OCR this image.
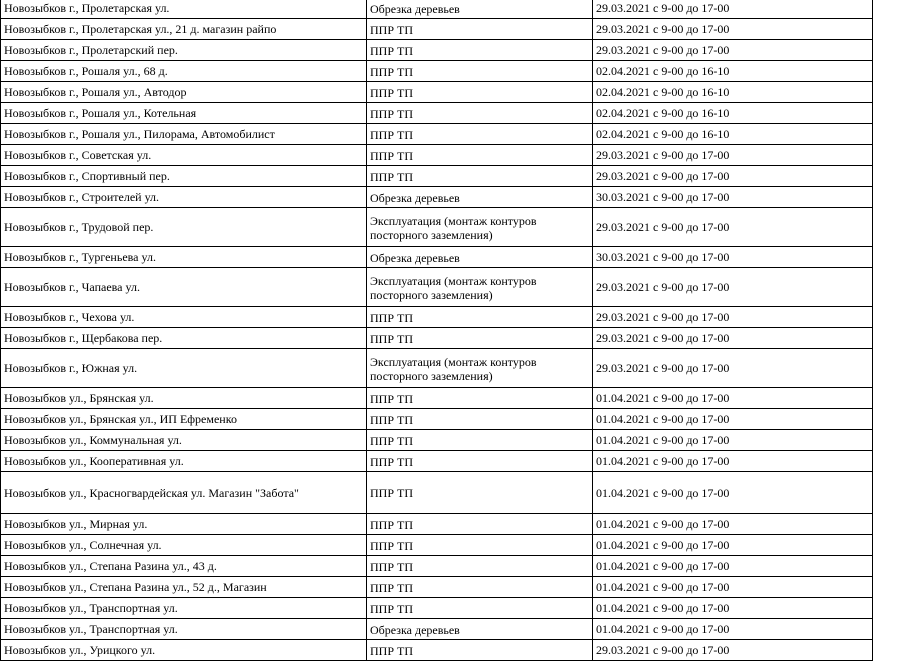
Новозыбков г., Пролетарская ул.	Обрезка деревьев	29.03.2021 с 9-00 до 17-00
Новозыбков г., Пролетарская ул., 21 д. магазин райпо	ППР ТП	29.03.2021 с 9-00 до 17-00
Новозыбков г., Пролетарский пер.	ППР ТП	29.03.2021 с 9-00 до 17-00
Новозыбков г., Рошаля ул., 68 д.	ППР ТП	02.04.2021 с 9-00 до 16-10
Новозыбков г., Рошаля ул., Автодор	ППР ТП	02.04.2021 с 9-00 до 16-10
Новозыбков г., Рошаля ул., Котельная	ППР ТП	02.04.2021 с 9-00 до 16-10
Новозыбков г., Рошаля ул., Пилорама, Автомобилист	ППР ТП	02.04.2021 с 9-00 до 16-10
Новозыбков г., Советская ул.	ППР ТП	29.03.2021 с 9-00 до 17-00
Новозыбков г., Спортивный пер.	ППР ТП	29.03.2021 с 9-00 до 17-00
Новозыбков г., Строителей ул.	Обрезка деревьев	30.03.2021 с 9-00 до 17-00
Новозыбков г., Трудовой пер.	Эксплуатация (монтаж контуров посторного заземления)	29.03.2021 с 9-00 до 17-00
Новозыбков г., Тургеньева ул.	Обрезка деревьев	30.03.2021 с 9-00 до 17-00
Новозыбков г., Чапаева ул.	Эксплуатация (монтаж контуров посторного заземления)	29.03.2021 с 9-00 до 17-00
Новозыбков г., Чехова ул.	ППР ТП	29.03.2021 с 9-00 до 17-00
Новозыбков г., Щербакова пер.	ППР ТП	29.03.2021 с 9-00 до 17-00
Новозыбков г., Южная ул.	Эксплуатация (монтаж контуров посторного заземления)	29.03.2021 с 9-00 до 17-00
Новозыбков ул., Брянская ул.	ППР ТП	01.04.2021 с 9-00 до 17-00
Новозыбков ул., Брянская ул., ИП Ефременко	ППР ТП	01.04.2021 с 9-00 до 17-00
Новозыбков ул., Коммунальная ул.	ППР ТП	01.04.2021 с 9-00 до 17-00
Новозыбков ул., Кооперативная ул.	ППР ТП	01.04.2021 с 9-00 до 17-00
Новозыбков ул., Красногвардейская ул. Магазин "Забота"	ППР ТП	01.04.2021 с 9-00 до 17-00
Новозыбков ул., Мирная ул.	ППР ТП	01.04.2021 с 9-00 до 17-00
Новозыбков ул., Солнечная ул.	ППР ТП	01.04.2021 с 9-00 до 17-00
Новозыбков ул., Степана Разина ул., 43 д.	ППР ТП	01.04.2021 с 9-00 до 17-00
Новозыбков ул., Степана Разина ул., 52 д., Магазин	ППР ТП	01.04.2021 с 9-00 до 17-00
Новозыбков ул., Транспортная ул.	ППР ТП	01.04.2021 с 9-00 до 17-00
Новозыбков ул., Транспортная ул.	Обрезка деревьев	01.04.2021 с 9-00 до 17-00
Новозыбков ул., Урицкого ул.	ППР ТП	29.03.2021 с 9-00 до 17-00
